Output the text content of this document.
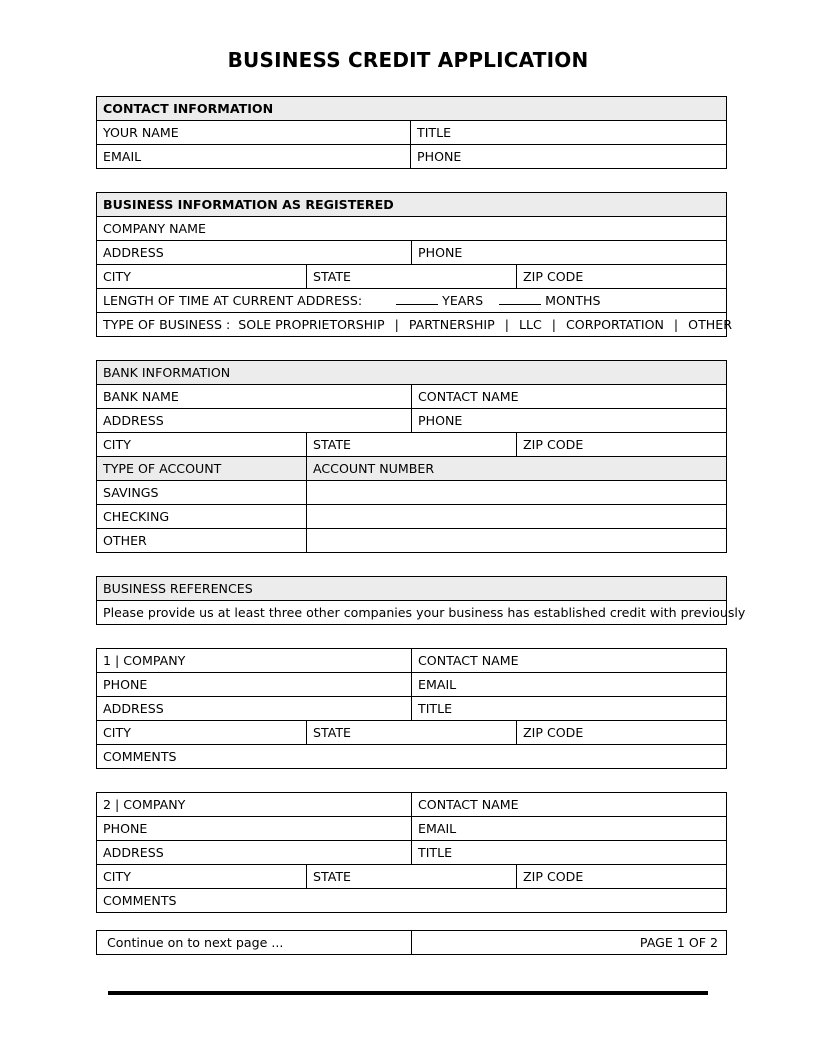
BUSINESS CREDIT APPLICATION
CONTACT INFORMATION	
YOUR NAME	TITLE
EMAIL	PHONE
BUSINESS INFORMATION AS REGISTERED			
COMPANY NAME			
ADDRESS		PHONE	
CITY	STATE		ZIP CODE
LENGTH OF TIME AT CURRENT ADDRESS: YEARS MONTHS			
TYPE OF BUSINESS : SOLE PROPRIETORSHIP | PARTNERSHIP | LLC | CORPORTATION | OTHER			
BANK INFORMATION			
BANK NAME		CONTACT NAME	
ADDRESS		PHONE	
CITY	STATE		ZIP CODE
TYPE OF ACCOUNT	ACCOUNT NUMBER		
SAVINGS			
CHECKING			
OTHER			
BUSINESS REFERENCES
Please provide us at least three other companies your business has established credit with previously
1 | COMPANY		CONTACT NAME	
PHONE		EMAIL	
ADDRESS		TITLE	
CITY	STATE		ZIP CODE
COMMENTS			
2 | COMPANY		CONTACT NAME	
PHONE		EMAIL	
ADDRESS		TITLE	
CITY	STATE		ZIP CODE
COMMENTS			
Continue on to next page ...	PAGE 1 OF 2
